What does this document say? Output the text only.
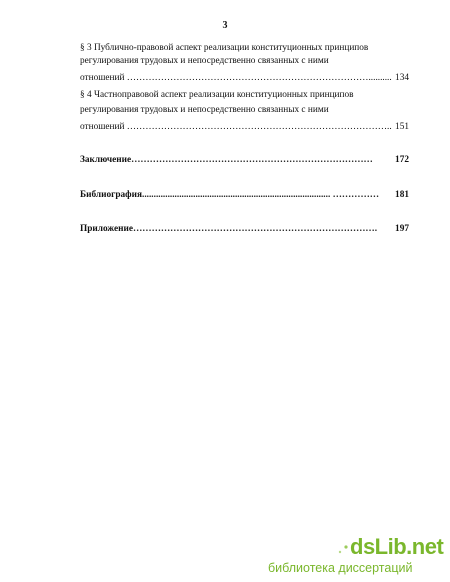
3
§ 3 Публично-правовой аспект реализации конституционных принципов
регулирования трудовых и непосредственно связанных с ними
отношений …………………………………………………………………….......... 134
§ 4 Частноправовой аспект реализации конституционных принципов
регулирования трудовых и непосредственно связанных с ними
отношений ………………………………………………………………………….. 151
Заключение…………………………………………………………………… 172
Библиография................................................................................. …………… 181
Приложение……………………………………………………………………. 197
dsLib.net
библиотека диссертаций
